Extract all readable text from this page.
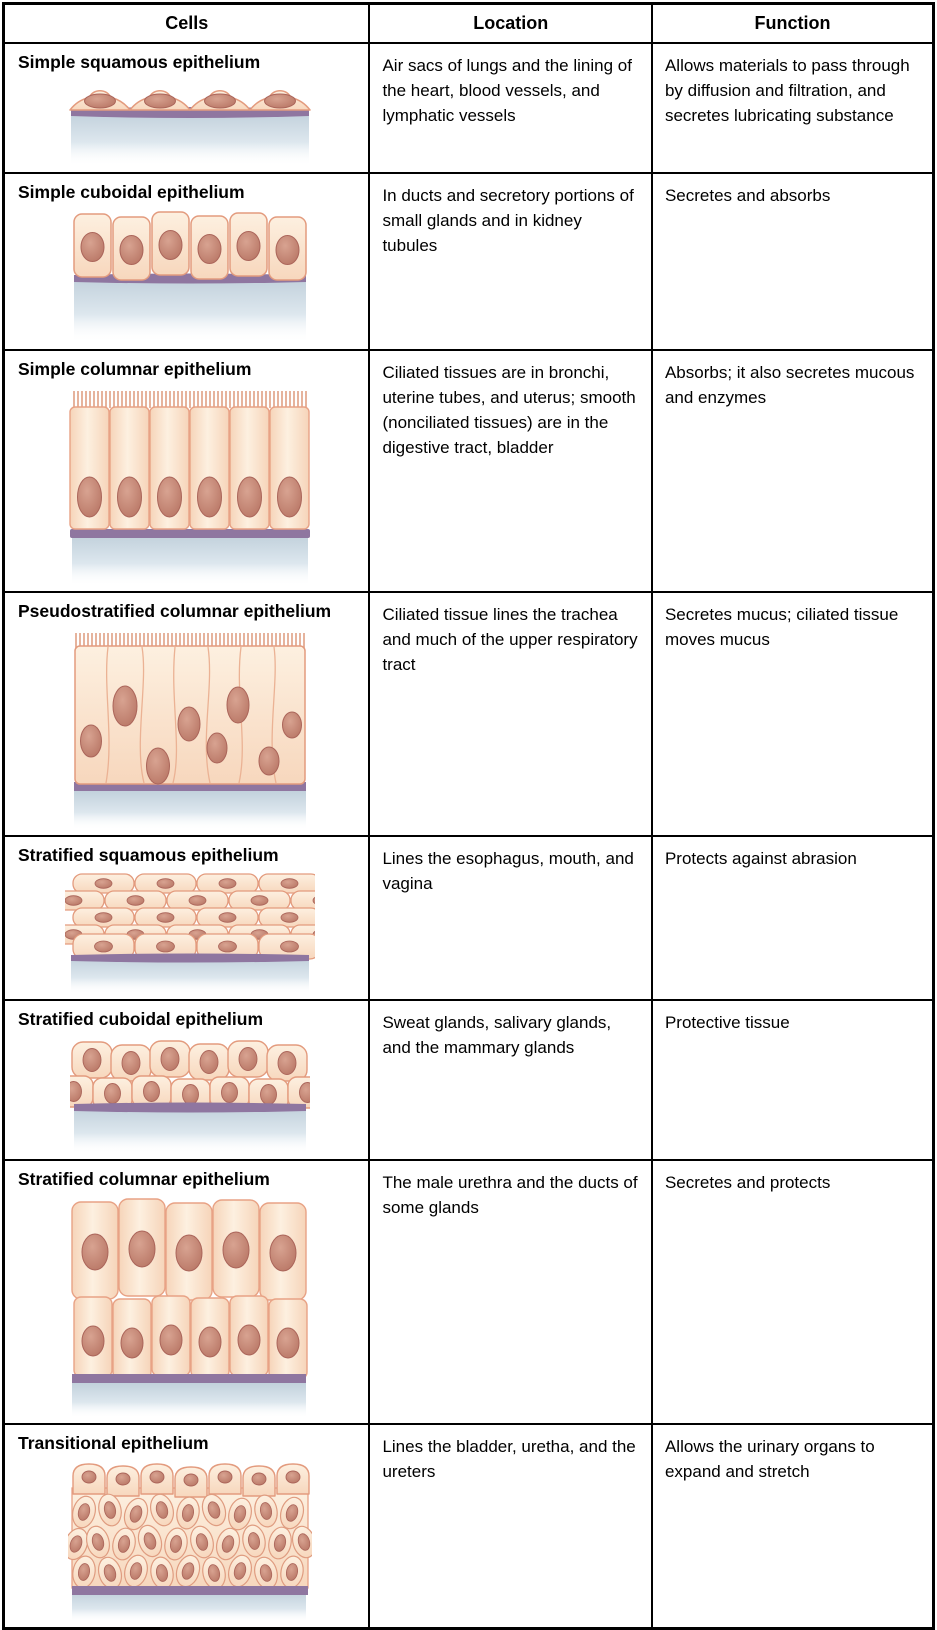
Cells	Location	Function

Simple squamous epithelium	Air sacs of lungs and the lining of the heart, blood vessels, and lymphatic vessels	Allows materials to pass through by diffusion and filtration, and secretes lubricating substance

Simple cuboidal epithelium	In ducts and secretory portions of small glands and in kidney tubules	Secretes and absorbs

Simple columnar epithelium	Ciliated tissues are in bronchi, uterine tubes, and uterus; smooth (nonciliated tissues) are in the digestive tract, bladder	Absorbs; it also secretes mucous and enzymes

Pseudostratified columnar epithelium	Ciliated tissue lines the trachea and much of the upper respiratory tract	Secretes mucus; ciliated tissue moves mucus

Stratified squamous epithelium	Lines the esophagus, mouth, and vagina	Protects against abrasion

Stratified cuboidal epithelium	Sweat glands, salivary glands, and the mammary glands	Protective tissue

Stratified columnar epithelium	The male urethra and the ducts of some glands	Secretes and protects

Transitional epithelium	Lines the bladder, uretha, and the ureters	Allows the urinary organs to expand and stretch
